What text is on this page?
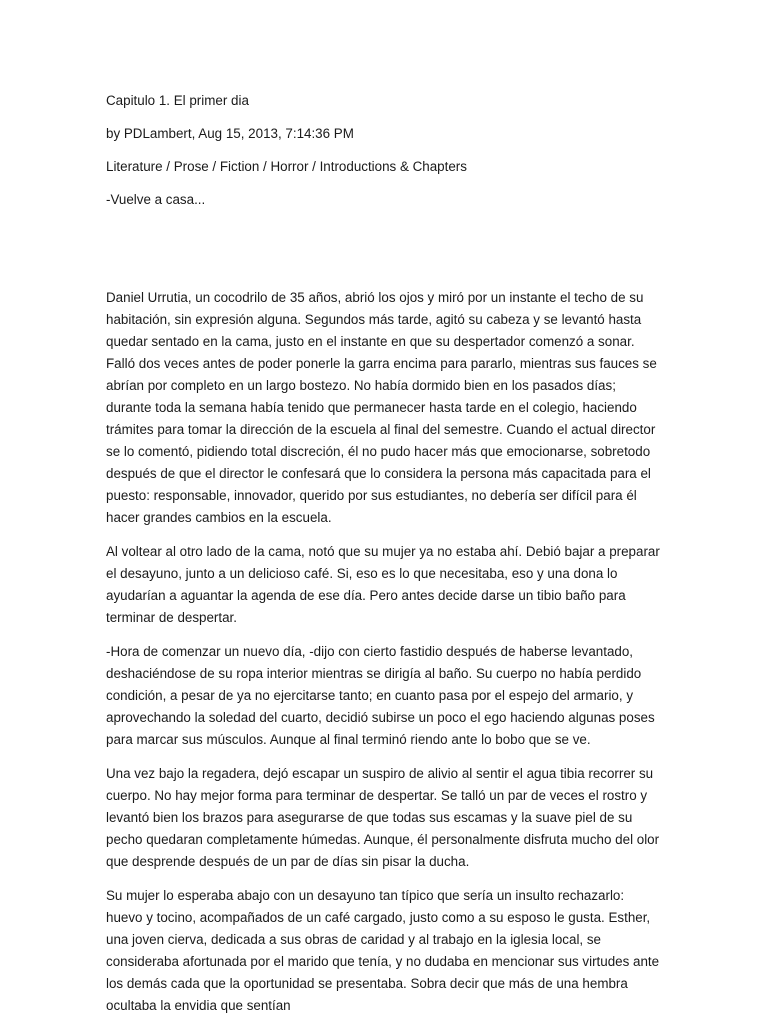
Capitulo 1. El primer dia

by PDLambert, Aug 15, 2013, 7:14:36 PM

Literature / Prose / Fiction / Horror / Introductions & Chapters

-Vuelve a casa...

Daniel Urrutia, un cocodrilo de 35 años, abrió los ojos y miró por un instante el techo de su habitación, sin expresión alguna. Segundos más tarde, agitó su cabeza y se levantó hasta quedar sentado en la cama, justo en el instante en que su despertador comenzó a sonar. Falló dos veces antes de poder ponerle la garra encima para pararlo, mientras sus fauces se abrían por completo en un largo bostezo. No había dormido bien en los pasados días; durante toda la semana había tenido que permanecer hasta tarde en el colegio, haciendo trámites para tomar la dirección de la escuela al final del semestre. Cuando el actual director se lo comentó, pidiendo total discreción, él no pudo hacer más que emocionarse, sobretodo después de que el director le confesará que lo considera la persona más capacitada para el puesto: responsable, innovador, querido por sus estudiantes, no debería ser difícil para él hacer grandes cambios en la escuela.

Al voltear al otro lado de la cama, notó que su mujer ya no estaba ahí. Debió bajar a preparar el desayuno, junto a un delicioso café. Si, eso es lo que necesitaba, eso y una dona lo ayudarían a aguantar la agenda de ese día. Pero antes decide darse un tibio baño para terminar de despertar.

-Hora de comenzar un nuevo día, -dijo con cierto fastidio después de haberse levantado, deshaciéndose de su ropa interior mientras se dirigía al baño. Su cuerpo no había perdido condición, a pesar de ya no ejercitarse tanto; en cuanto pasa por el espejo del armario, y aprovechando la soledad del cuarto, decidió subirse un poco el ego haciendo algunas poses para marcar sus músculos. Aunque al final terminó riendo ante lo bobo que se ve.

Una vez bajo la regadera, dejó escapar un suspiro de alivio al sentir el agua tibia recorrer su cuerpo. No hay mejor forma para terminar de despertar. Se talló un par de veces el rostro y levantó bien los brazos para asegurarse de que todas sus escamas y la suave piel de su pecho quedaran completamente húmedas. Aunque, él personalmente disfruta mucho del olor que desprende después de un par de días sin pisar la ducha.

Su mujer lo esperaba abajo con un desayuno tan típico que sería un insulto rechazarlo: huevo y tocino, acompañados de un café cargado, justo como a su esposo le gusta. Esther, una joven cierva, dedicada a sus obras de caridad y al trabajo en la iglesia local, se consideraba afortunada por el marido que tenía, y no dudaba en mencionar sus virtudes ante los demás cada que la oportunidad se presentaba. Sobra decir que más de una hembra ocultaba la envidia que sentían
